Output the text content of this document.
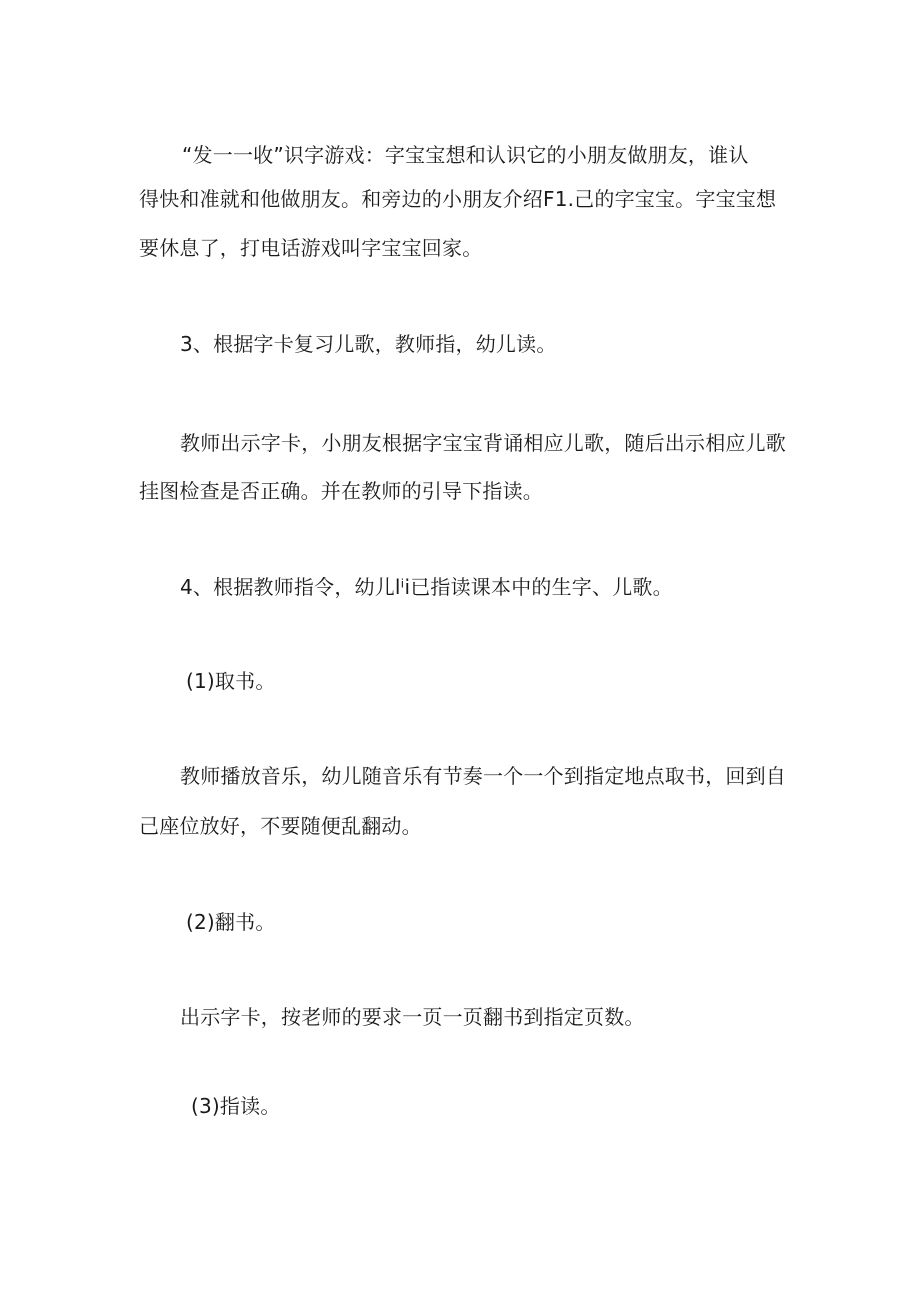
“发一一收”识字游戏：字宝宝想和认识它的小朋友做朋友，谁认
得快和准就和他做朋友。和旁边的小朋友介绍F1.己的字宝宝。字宝宝想
要休息了，打电话游戏叫字宝宝回家。
3、根据字卡复习儿歌，教师指，幼儿读。
教师出示字卡，小朋友根据字宝宝背诵相应儿歌，随后出示相应儿歌
挂图检查是否正确。并在教师的引导下指读。
4、根据教师指令，幼儿lⁱi已指读课本中的生字、儿歌。
(1)取书。
教师播放音乐，幼儿随音乐有节奏一个一个到指定地点取书，回到自
己座位放好，不要随便乱翻动。
(2)翻书。
出示字卡，按老师的要求一页一页翻书到指定页数。
(3)指读。
